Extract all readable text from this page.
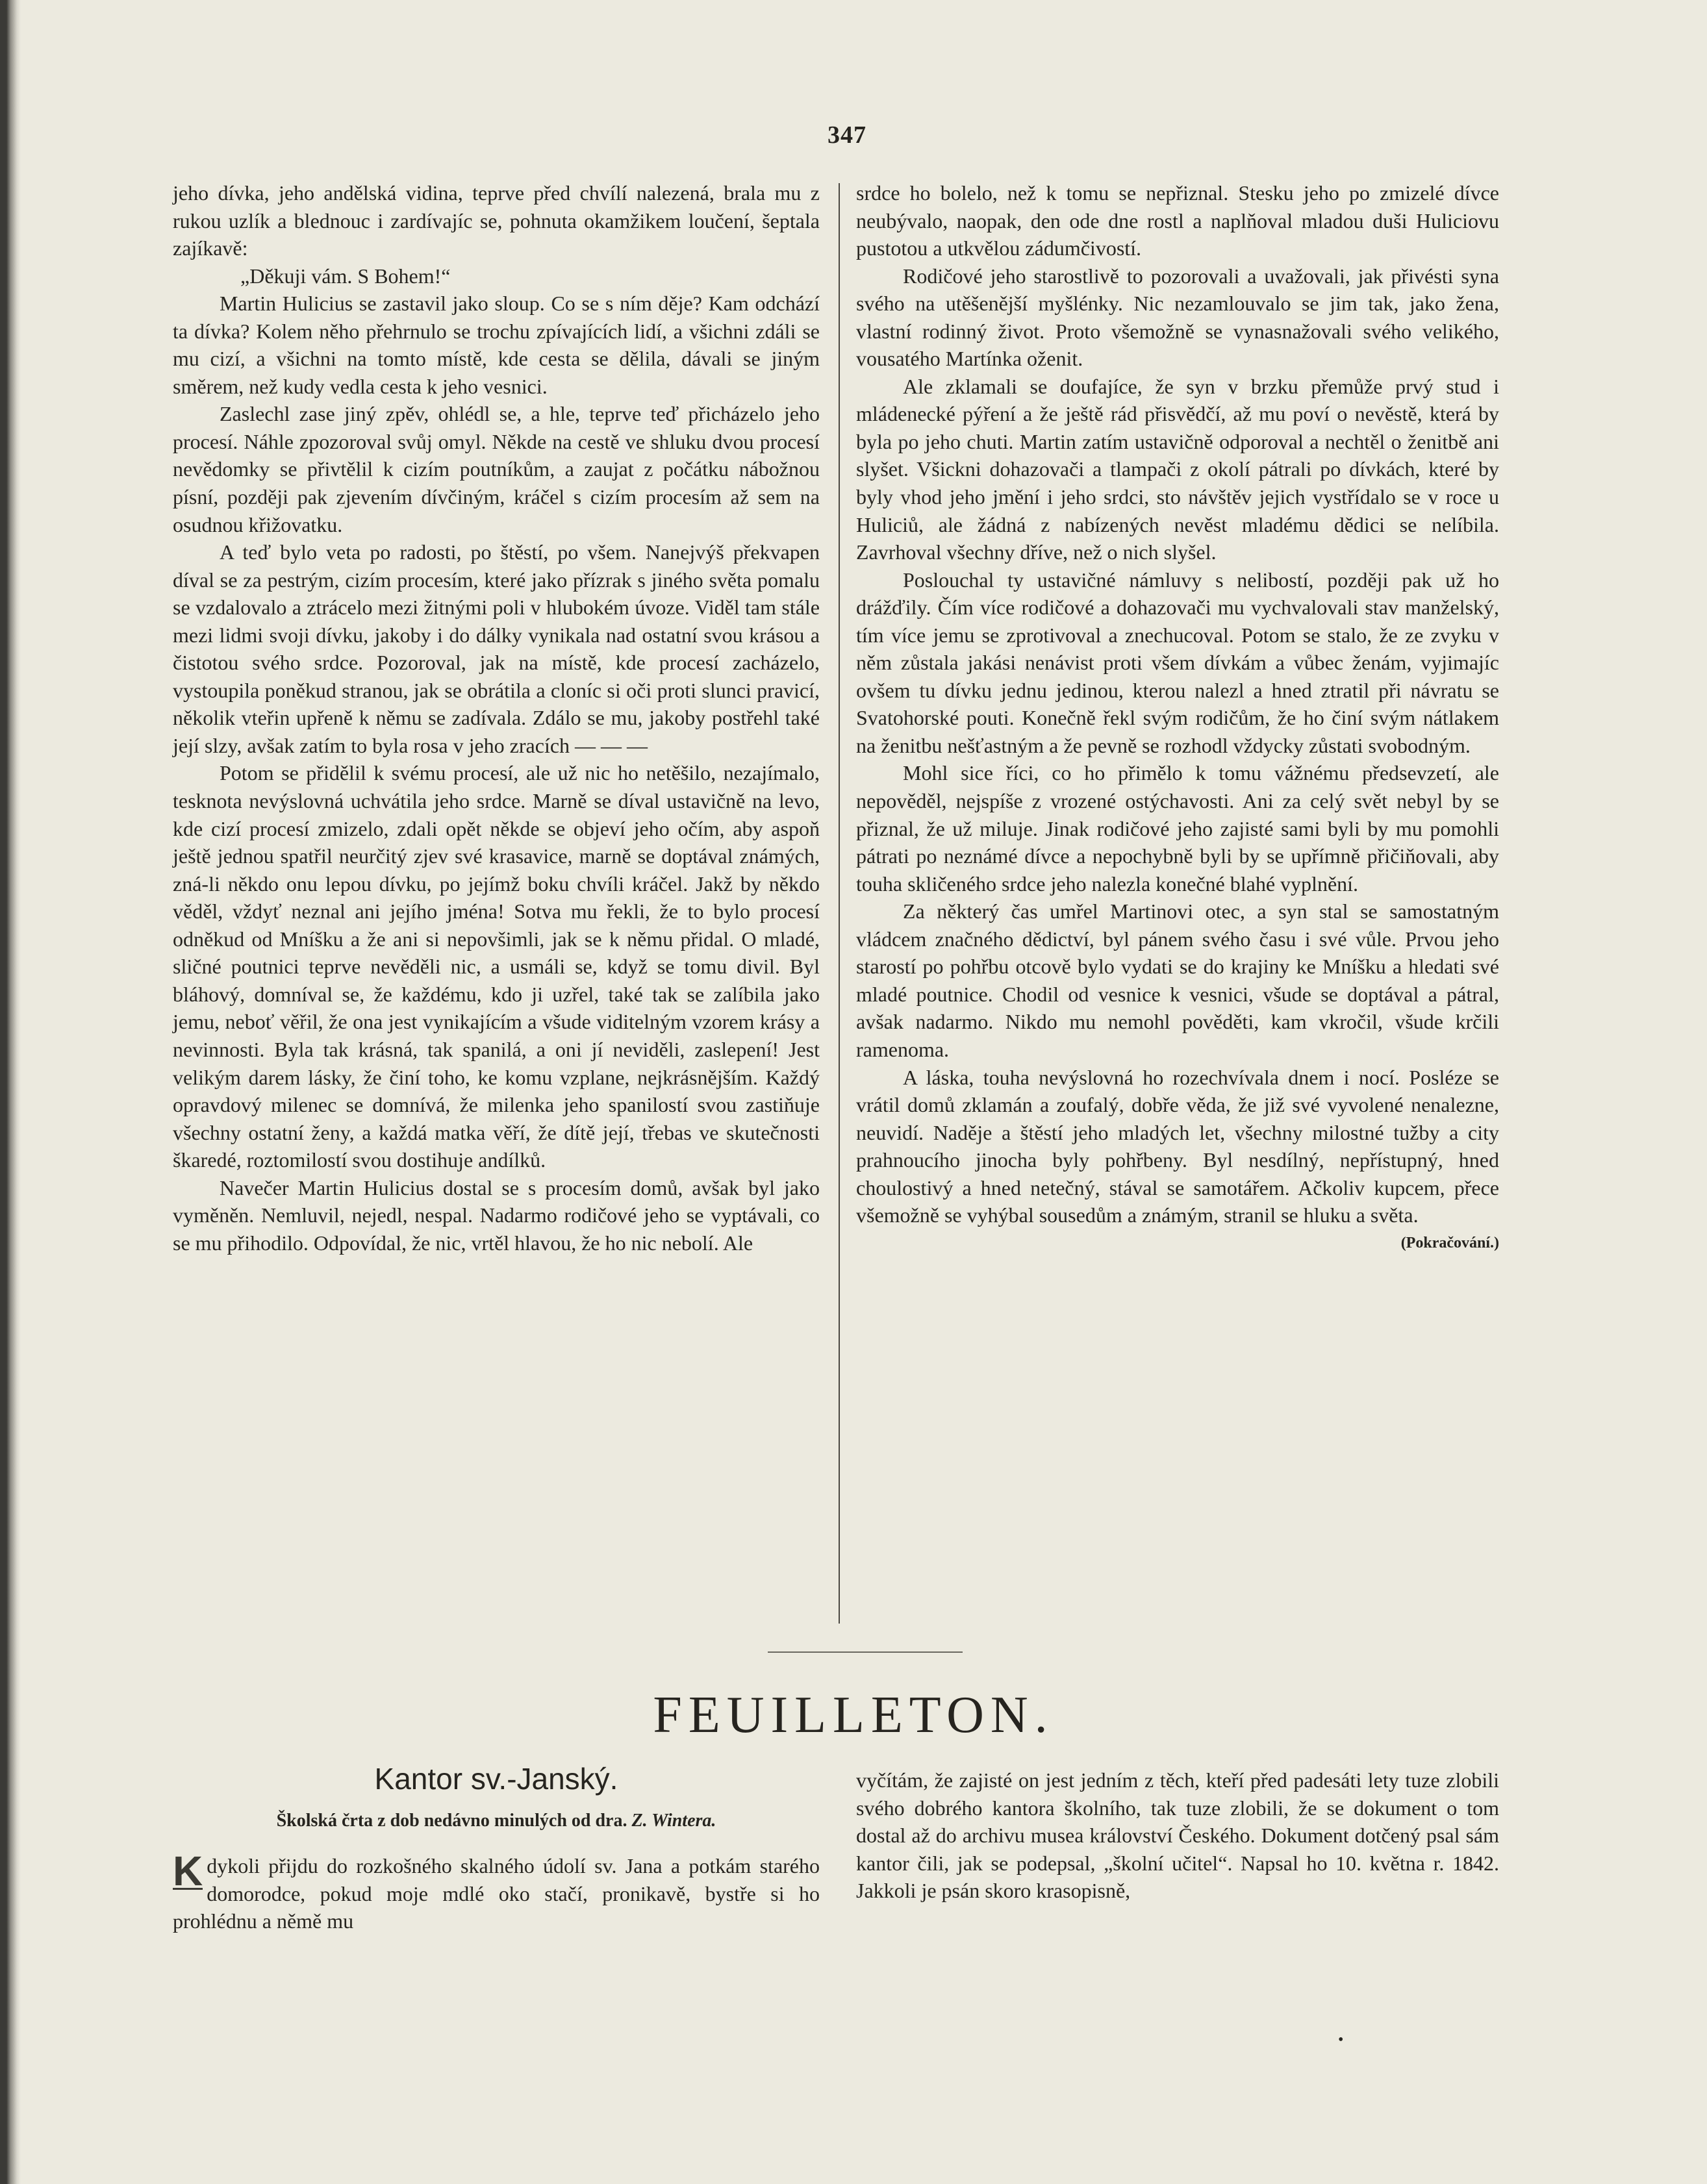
347

jeho dívka, jeho andělská vidina, teprve před chvílí nalezená, brala mu z rukou uzlík a blednouc i zardívajíc se, pohnuta okamžikem loučení, šeptala zajíkavě:

„Děkuji vám. S Bohem!“

Martin Hulicius se zastavil jako sloup. Co se s ním děje? Kam odchází ta dívka? Kolem něho přehrnulo se trochu zpívajících lidí, a všichni zdáli se mu cizí, a všichni na tomto místě, kde cesta se dělila, dávali se jiným směrem, než kudy vedla cesta k jeho vesnici.

Zaslechl zase jiný zpěv, ohlédl se, a hle, teprve teď přicházelo jeho procesí. Náhle zpozoroval svůj omyl. Někde na cestě ve shluku dvou procesí nevědomky se přivtělil k cizím poutníkům, a zaujat z počátku nábožnou písní, později pak zjevením dívčiným, kráčel s cizím procesím až sem na osudnou křižovatku.

A teď bylo veta po radosti, po štěstí, po všem. Nanejvýš překvapen díval se za pestrým, cizím procesím, které jako přízrak s jiného světa pomalu se vzdalovalo a ztrácelo mezi žitnými poli v hlubokém úvoze. Viděl tam stále mezi lidmi svoji dívku, jakoby i do dálky vynikala nad ostatní svou krásou a čistotou svého srdce. Pozoroval, jak na místě, kde procesí zacházelo, vystoupila poněkud stranou, jak se obrátila a cloníc si oči proti slunci pravicí, několik vteřin upřeně k němu se zadívala. Zdálo se mu, jakoby postřehl také její slzy, avšak zatím to byla rosa v jeho zracích — — —

Potom se přidělil k svému procesí, ale už nic ho netěšilo, nezajímalo, tesknota nevýslovná uchvátila jeho srdce. Marně se díval ustavičně na levo, kde cizí procesí zmizelo, zdali opět někde se objeví jeho očím, aby aspoň ještě jednou spatřil neurčitý zjev své krasavice, marně se doptával známých, zná-li někdo onu lepou dívku, po jejímž boku chvíli kráčel. Jakž by někdo věděl, vždyť neznal ani jejího jména! Sotva mu řekli, že to bylo procesí odněkud od Mníšku a že ani si nepovšimli, jak se k němu přidal. O mladé, sličné poutnici teprve nevěděli nic, a usmáli se, když se tomu divil. Byl bláhový, domníval se, že každému, kdo ji uzřel, také tak se zalíbila jako jemu, neboť věřil, že ona jest vynikajícím a všude viditelným vzorem krásy a nevinnosti. Byla tak krásná, tak spanilá, a oni jí neviděli, zaslepení! Jest velikým darem lásky, že činí toho, ke komu vzplane, nejkrásnějším. Každý opravdový milenec se domnívá, že milenka jeho spanilostí svou zastiňuje všechny ostatní ženy, a každá matka věří, že dítě její, třebas ve skutečnosti škaredé, roztomilostí svou dostihuje andílků.

Navečer Martin Hulicius dostal se s procesím domů, avšak byl jako vyměněn. Nemluvil, nejedl, nespal. Nadarmo rodičové jeho se vyptávali, co se mu přihodilo. Odpovídal, že nic, vrtěl hlavou, že ho nic nebolí. Ale

srdce ho bolelo, než k tomu se nepřiznal. Stesku jeho po zmizelé dívce neubývalo, naopak, den ode dne rostl a naplňoval mladou duši Huliciovu pustotou a utkvělou zádumčivostí.

Rodičové jeho starostlivě to pozorovali a uvažovali, jak přivésti syna svého na utěšenější myšlénky. Nic nezamlouvalo se jim tak, jako žena, vlastní rodinný život. Proto všemožně se vynasnažovali svého velikého, vousatého Martínka oženit.

Ale zklamali se doufajíce, že syn v brzku přemůže prvý stud i mládenecké pýření a že ještě rád přisvědčí, až mu poví o nevěstě, která by byla po jeho chuti. Martin zatím ustavičně odporoval a nechtěl o ženitbě ani slyšet. Všickni dohazovači a tlampači z okolí pátrali po dívkách, které by byly vhod jeho jmění i jeho srdci, sto návštěv jejich vystřídalo se v roce u Huliciů, ale žádná z nabízených nevěst mladému dědici se nelíbila. Zavrhoval všechny dříve, než o nich slyšel.

Poslouchal ty ustavičné námluvy s nelibostí, později pak už ho drážďily. Čím více rodičové a dohazovači mu vychvalovali stav manželský, tím více jemu se zprotivoval a znechucoval. Potom se stalo, že ze zvyku v něm zůstala jakási nenávist proti všem dívkám a vůbec ženám, vyjimajíc ovšem tu dívku jednu jedinou, kterou nalezl a hned ztratil při návratu se Svatohorské pouti. Konečně řekl svým rodičům, že ho činí svým nátlakem na ženitbu nešťastným a že pevně se rozhodl vždycky zůstati svobodným.

Mohl sice říci, co ho přimělo k tomu vážnému předsevzetí, ale nepověděl, nejspíše z vrozené ostýchavosti. Ani za celý svět nebyl by se přiznal, že už miluje. Jinak rodičové jeho zajisté sami byli by mu pomohli pátrati po neznámé dívce a nepochybně byli by se upřímně přičiňovali, aby touha skličeného srdce jeho nalezla konečné blahé vyplnění.

Za některý čas umřel Martinovi otec, a syn stal se samostatným vládcem značného dědictví, byl pánem svého času i své vůle. Prvou jeho starostí po pohřbu otcově bylo vydati se do krajiny ke Mníšku a hledati své mladé poutnice. Chodil od vesnice k vesnici, všude se doptával a pátral, avšak nadarmo. Nikdo mu nemohl pověděti, kam vkročil, všude krčili ramenoma.

A láska, touha nevýslovná ho rozechvívala dnem i nocí. Posléze se vrátil domů zklamán a zoufalý, dobře věda, že již své vyvolené nenalezne, neuvidí. Naděje a štěstí jeho mladých let, všechny milostné tužby a city prahnoucího jinocha byly pohřbeny. Byl nesdílný, nepřístupný, hned choulostivý a hned netečný, stával se samotářem. Ačkoliv kupcem, přece všemožně se vyhýbal sousedům a známým, stranil se hluku a světa.

(Pokračování.)
FEUILLETON.
Kantor sv.-Janský.
Školská črta z dob nedávno minulých od dra. Z. Wintera.

K dykoli přijdu do rozkošného skalného údolí sv. Jana a potkám starého domorodce, pokud moje mdlé oko stačí, pronikavě, bystře si ho prohlédnu a němě mu

vyčítám, že zajisté on jest jedním z těch, kteří před padesáti lety tuze zlobili svého dobrého kantora školního, tak tuze zlobili, že se dokument o tom dostal až do archivu musea království Českého. Dokument dotčený psal sám kantor čili, jak se podepsal, „školní učitel“. Napsal ho 10. května r. 1842. Jakkoli je psán skoro krasopisně,

•
